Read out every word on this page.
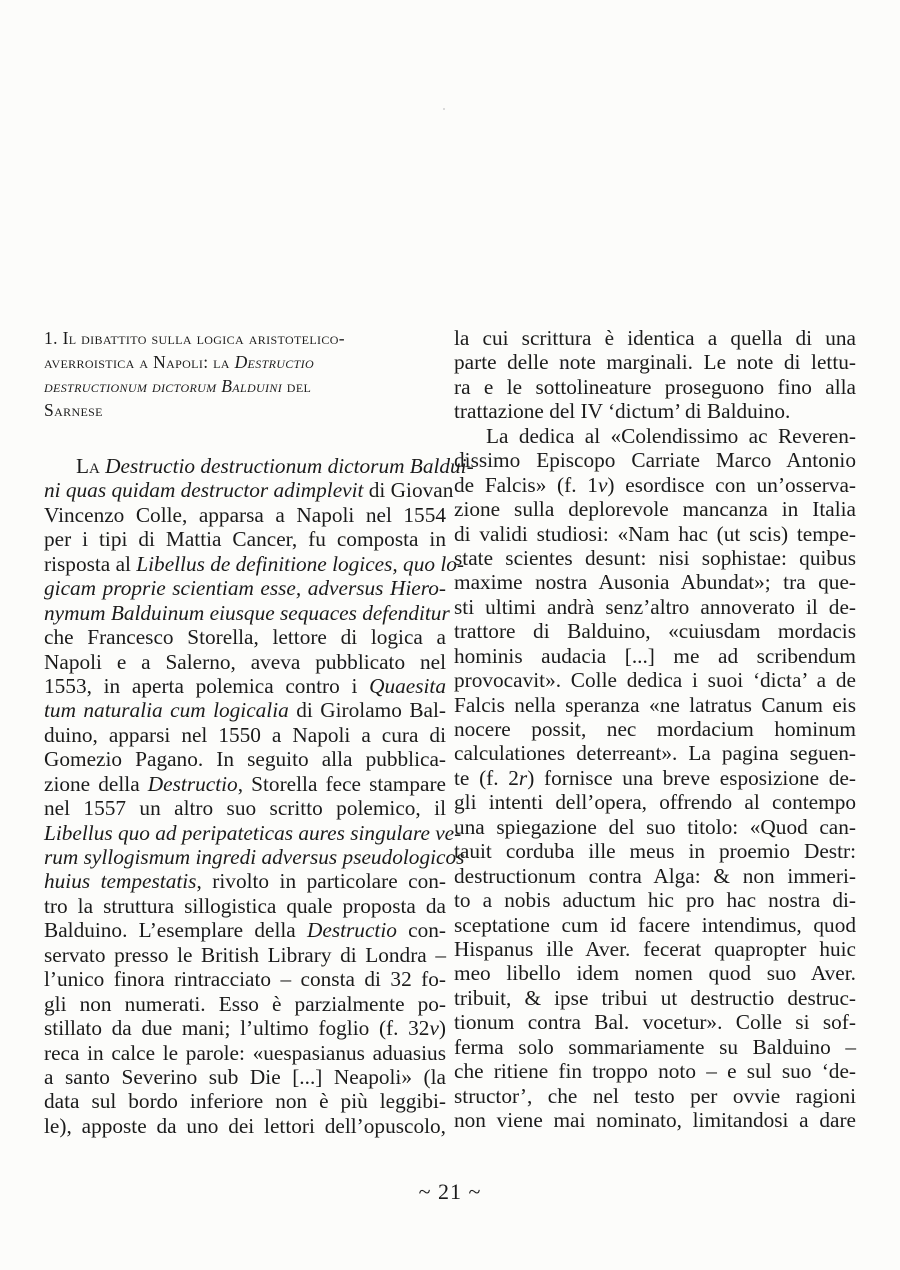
1. Il dibattito sulla logica aristotelico-
averroistica a Napoli: la Destructio
destructionum dictorum Balduini del
Sarnese
La Destructio destructionum dictorum Baldui-
ni quas quidam destructor adimplevit di Giovan
Vincenzo Colle, apparsa a Napoli nel 1554
per i tipi di Mattia Cancer, fu composta in
risposta al Libellus de definitione logices, quo lo-
gicam proprie scientiam esse, adversus Hiero-
nymum Balduinum eiusque sequaces defenditur
che Francesco Storella, lettore di logica a
Napoli e a Salerno, aveva pubblicato nel
1553, in aperta polemica contro i Quaesita
tum naturalia cum logicalia di Girolamo Bal-
duino, apparsi nel 1550 a Napoli a cura di
Gomezio Pagano. In seguito alla pubblica-
zione della Destructio, Storella fece stampare
nel 1557 un altro suo scritto polemico, il
Libellus quo ad peripateticas aures singulare ve-
rum syllogismum ingredi adversus pseudologicos
huius tempestatis, rivolto in particolare con-
tro la struttura sillogistica quale proposta da
Balduino. L’esemplare della Destructio con-
servato presso le British Library di Londra –
l’unico finora rintracciato – consta di 32 fo-
gli non numerati. Esso è parzialmente po-
stillato da due mani; l’ultimo foglio (f. 32v)
reca in calce le parole: «uespasianus aduasius
a santo Severino sub Die [...] Neapoli» (la
data sul bordo inferiore non è più leggibi-
le), apposte da uno dei lettori dell’opuscolo,
la cui scrittura è identica a quella di una
parte delle note marginali. Le note di lettu-
ra e le sottolineature proseguono fino alla
trattazione del IV ‘dictum’ di Balduino.
La dedica al «Colendissimo ac Reveren-
dissimo Episcopo Carriate Marco Antonio
de Falcis» (f. 1v) esordisce con un’osserva-
zione sulla deplorevole mancanza in Italia
di validi studiosi: «Nam hac (ut scis) tempe-
state scientes desunt: nisi sophistae: quibus
maxime nostra Ausonia Abundat»; tra que-
sti ultimi andrà senz’altro annoverato il de-
trattore di Balduino, «cuiusdam mordacis
hominis audacia [...] me ad scribendum
provocavit». Colle dedica i suoi ‘dicta’ a de
Falcis nella speranza «ne latratus Canum eis
nocere possit, nec mordacium hominum
calculationes deterreant». La pagina seguen-
te (f. 2r) fornisce una breve esposizione de-
gli intenti dell’opera, offrendo al contempo
una spiegazione del suo titolo: «Quod can-
tauit corduba ille meus in proemio Destr:
destructionum contra Alga: & non immeri-
to a nobis aductum hic pro hac nostra di-
sceptatione cum id facere intendimus, quod
Hispanus ille Aver. fecerat quapropter huic
meo libello idem nomen quod suo Aver.
tribuit, & ipse tribui ut destructio destruc-
tionum contra Bal. vocetur». Colle si sof-
ferma solo sommariamente su Balduino –
che ritiene fin troppo noto – e sul suo ‘de-
structor’, che nel testo per ovvie ragioni
non viene mai nominato, limitandosi a dare
~ 21 ~
